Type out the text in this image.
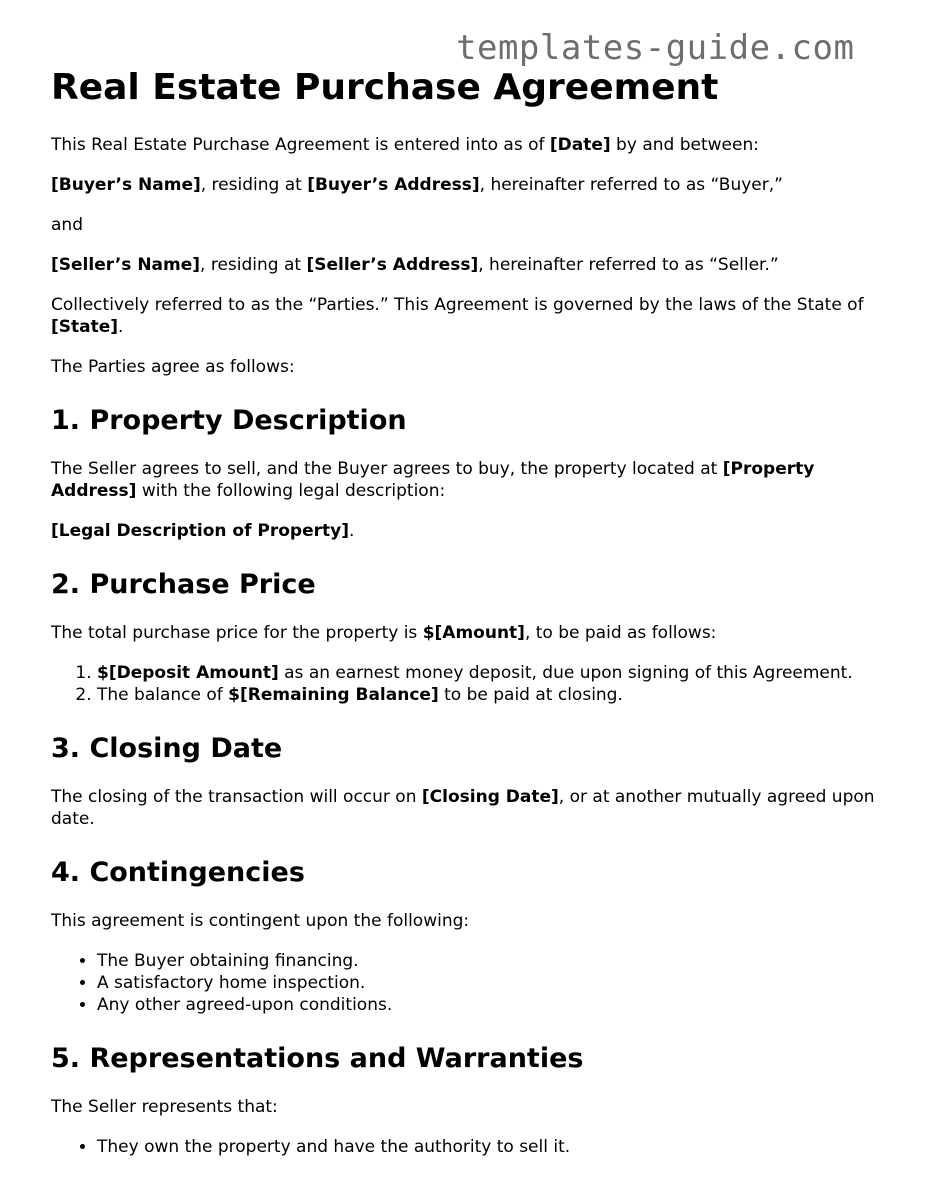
templates-guide.com
Real Estate Purchase Agreement

This Real Estate Purchase Agreement is entered into as of [Date] by and between:

[Buyer’s Name], residing at [Buyer’s Address], hereinafter referred to as “Buyer,”

and

[Seller’s Name], residing at [Seller’s Address], hereinafter referred to as “Seller.”

Collectively referred to as the “Parties.” This Agreement is governed by the laws of the State of [State].

The Parties agree as follows:

1. Property Description

The Seller agrees to sell, and the Buyer agrees to buy, the property located at [Property Address] with the following legal description:

[Legal Description of Property].

2. Purchase Price

The total purchase price for the property is $[Amount], to be paid as follows:

1. $[Deposit Amount] as an earnest money deposit, due upon signing of this Agreement.
2. The balance of $[Remaining Balance] to be paid at closing.
3. Closing Date

The closing of the transaction will occur on [Closing Date], or at another mutually agreed upon date.

4. Contingencies

This agreement is contingent upon the following:

• The Buyer obtaining financing.
• A satisfactory home inspection.
• Any other agreed-upon conditions.
5. Representations and Warranties

The Seller represents that:

• They own the property and have the authority to sell it.
